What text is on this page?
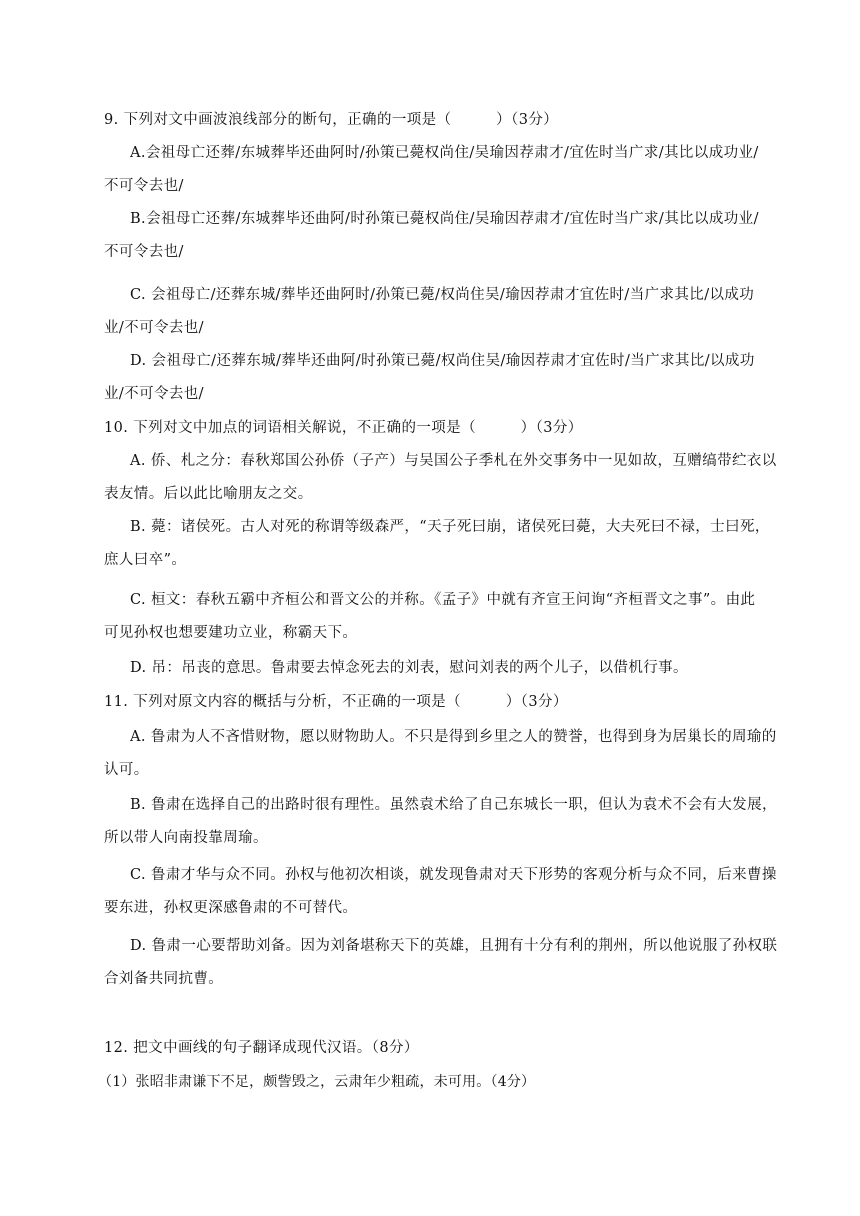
9. 下列对文中画波浪线部分的断句，正确的一项是（　　　）（3分）
A.会祖母亡还葬/东城葬毕还曲阿时/孙策已薨权尚住/吴瑜因荐肃才/宜佐时当广求/其比以成功业/
不可令去也/
B.会祖母亡还葬/东城葬毕还曲阿/时孙策已薨权尚住/吴瑜因荐肃才/宜佐时当广求/其比以成功业/
不可令去也/
C. 会祖母亡/还葬东城/葬毕还曲阿时/孙策已薨/权尚住吴/瑜因荐肃才宜佐时/当广求其比/以成功
业/不可令去也/
D. 会祖母亡/还葬东城/葬毕还曲阿/时孙策已薨/权尚住吴/瑜因荐肃才宜佐时/当广求其比/以成功
业/不可令去也/
10. 下列对文中加点的词语相关解说，不正确的一项是（　　　）（3分）
A. 侨、札之分：春秋郑国公孙侨（子产）与吴国公子季札在外交事务中一见如故，互赠缟带纻衣以
表友情。后以此比喻朋友之交。
B. 薨：诸侯死。古人对死的称谓等级森严，“天子死曰崩，诸侯死曰薨，大夫死曰不禄，士曰死，
庶人曰卒”。
C. 桓文：春秋五霸中齐桓公和晋文公的并称。《孟子》中就有齐宣王问询“齐桓晋文之事”。由此
可见孙权也想要建功立业，称霸天下。
D. 吊：吊丧的意思。鲁肃要去悼念死去的刘表，慰问刘表的两个儿子，以借机行事。
11. 下列对原文内容的概括与分析，不正确的一项是（　　　）（3分）
A. 鲁肃为人不吝惜财物，愿以财物助人。不只是得到乡里之人的赞誉，也得到身为居巢长的周瑜的
认可。
B. 鲁肃在选择自己的出路时很有理性。虽然袁术给了自己东城长一职，但认为袁术不会有大发展，
所以带人向南投靠周瑜。
C. 鲁肃才华与众不同。孙权与他初次相谈，就发现鲁肃对天下形势的客观分析与众不同，后来曹操
要东进，孙权更深感鲁肃的不可替代。
D. 鲁肃一心要帮助刘备。因为刘备堪称天下的英雄，且拥有十分有利的荆州，所以他说服了孙权联
合刘备共同抗曹。
12. 把文中画线的句子翻译成现代汉语。（8分）
（1）张昭非肃谦下不足，颇訾毁之，云肃年少粗疏，未可用。（4分）
